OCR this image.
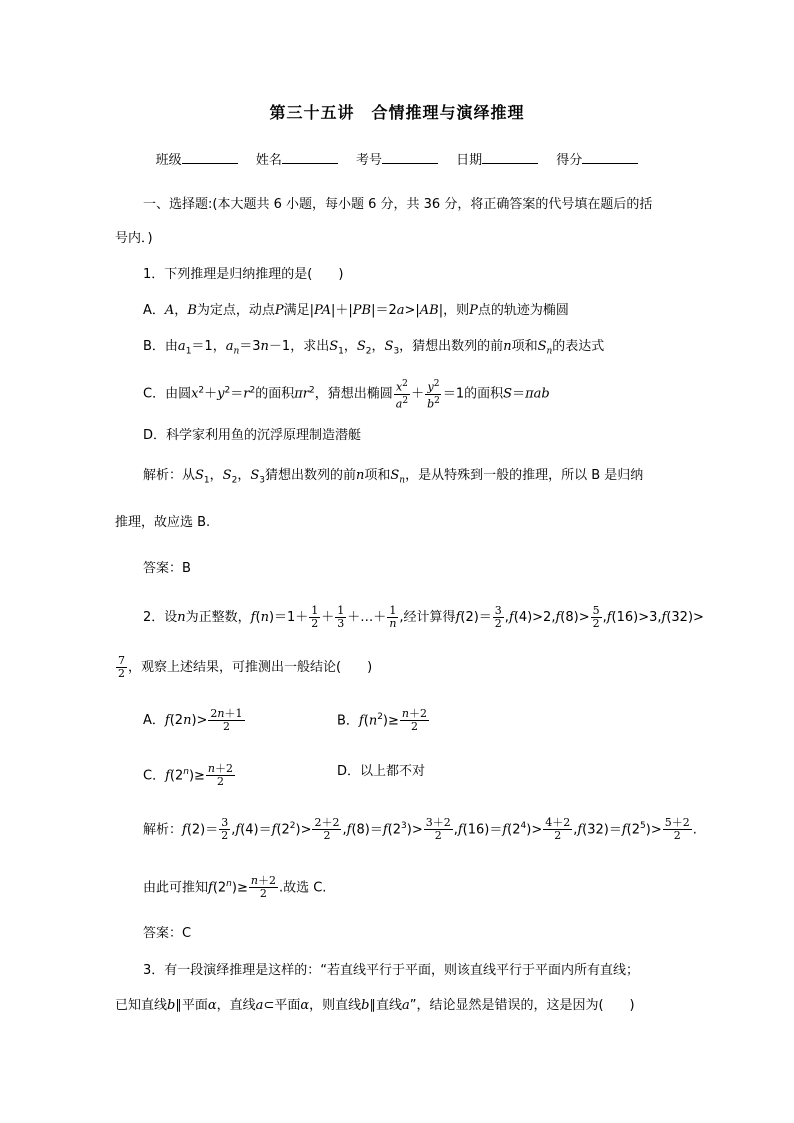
第三十五讲　合情推理与演绎推理
班级	姓名	考号	日期	得分
一、选择题:(本大题共 6 小题，每小题 6 分，共 36 分，将正确答案的代号填在题后的括
号内．)
1．下列推理是归纳推理的是(　　)
A．A，B为定点，动点P满足|PA|＋|PB|＝2a>|AB|，则P点的轨迹为椭圆
B．由$a_1=1$，$a_n=3n-1$，求出$S_1$，$S_2$，$S_3$，猜想出数列的前n项和$S_n$的表达式
C．由圆$x^2+y^2=r^2$的面积$\pi r^2$，猜想出椭圆 $\frac{x^2}{a^2} + \frac{y^2}{b^2} =1$的面积S＝πab
D．科学家利用鱼的沉浮原理制造潜艇
解析：从$S_1$，$S_2$，$S_3$猜想出数列的前n项和$S_n$，是从特殊到一般的推理，所以 B 是归纳
推理，故应选 B.
答案：B
2．设n为正整数，$f(n)=1+ \frac{1}{2} + \frac{1}{3}$ ＋…＋ $\frac{1}{n}$ ,经计算得$f(2)= \frac{3}{2} ,f(4)>2,f(8)> \frac{5}{2} ,f(16)>3,f(32)>$
$\frac{7}{2}$ ，观察上述结果，可推测出一般结论(　　)
A．$f(2n)> \frac{2n+1}{2}$	B．$f(n^2)\ge \frac{n+2}{2}$
C．$f(2^n)\ge \frac{n+2}{2}$	D．以上都不对
解析：$f(2)= \frac{3}{2} ,f(4)=f(2^2)> \frac{2+2}{2} ,f(8)=f(2^3)> \frac{3+2}{2} ,f(16)=f(2^4)> \frac{4+2}{2} ,f(32)=f(2^5)> \frac{5+2}{2}$ .
由此可推知$f(2^n)\ge \frac{n+2}{2}$ .故选 C.
答案：C
3．有一段演绎推理是这样的：“若直线平行于平面，则该直线平行于平面内所有直线；
已知直线b∥平面α，直线a⊂平面α，则直线b∥直线a”，结论显然是错误的，这是因为(　　)
